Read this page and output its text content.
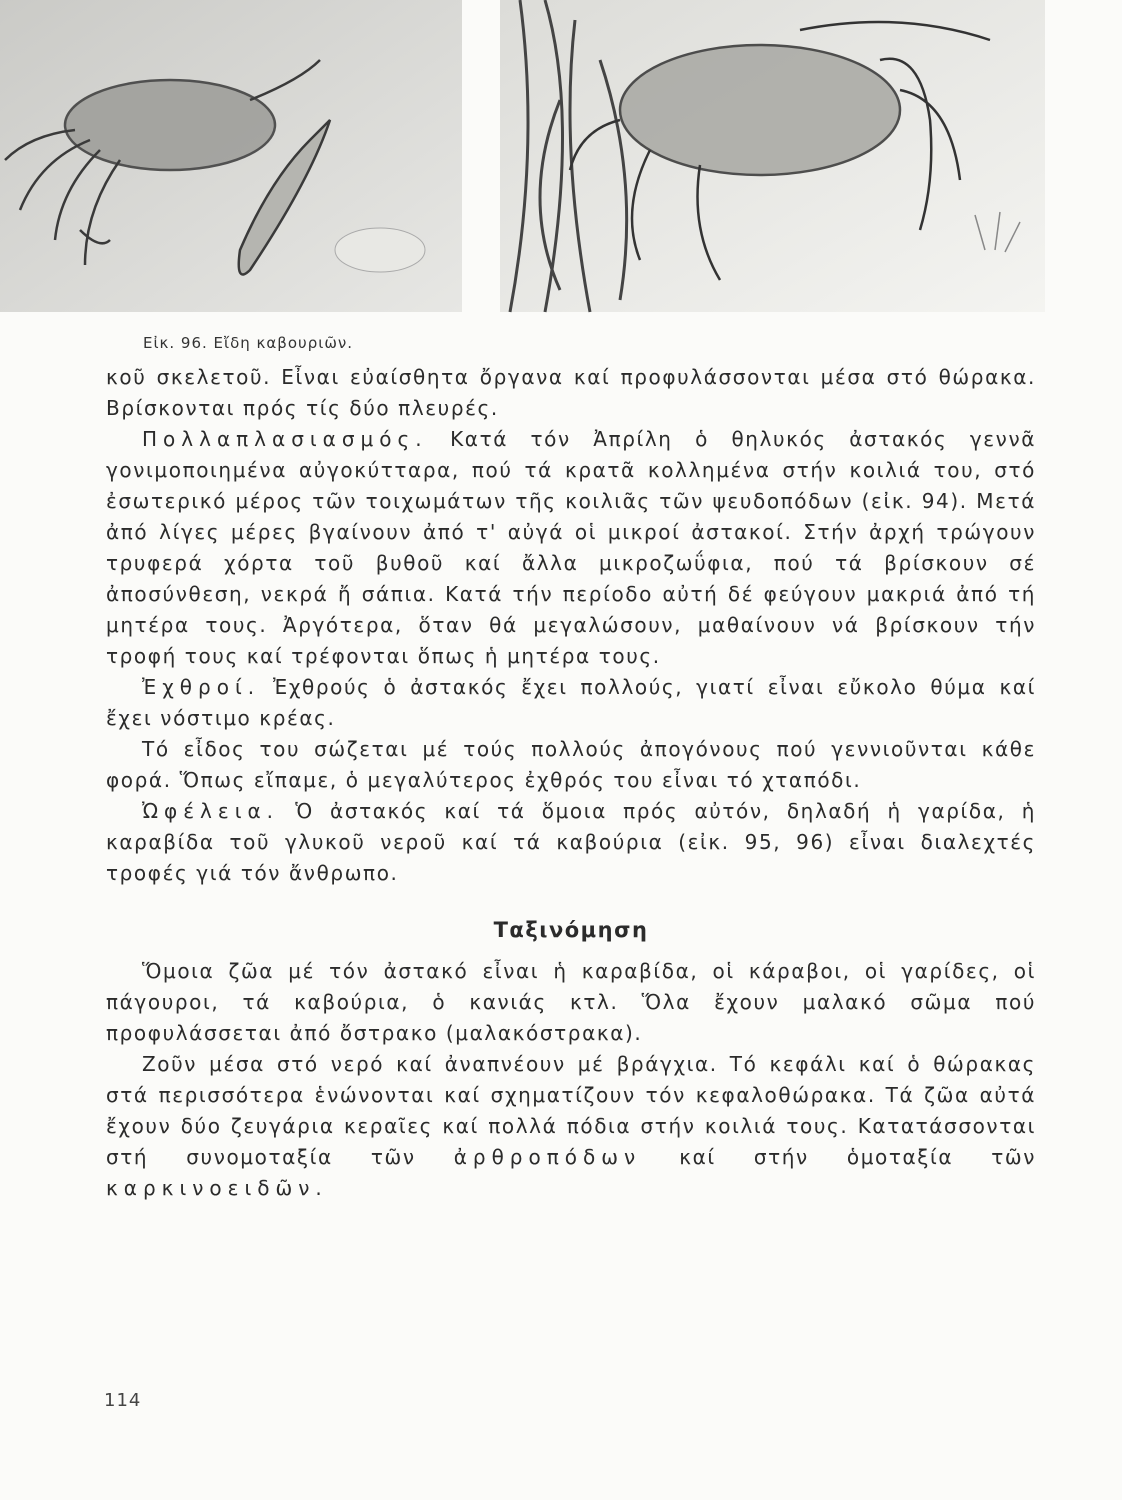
Εἰκ. 96. Εἴδη καβουριῶν.

κοῦ σκελετοῦ. Εἶναι εὐαίσθητα ὄργανα καί προφυλάσσονται μέσα στό θώρακα. Βρίσκονται πρός τίς δύο πλευρές.

Πολλαπλασιασμός. Κατά τόν Ἀπρίλη ὁ θηλυκός ἀστακός γεννᾶ γονιμοποιημένα αὐγοκύτταρα, πού τά κρατᾶ κολλημένα στήν κοιλιά του, στό ἐσωτερικό μέρος τῶν τοιχωμάτων τῆς κοιλιᾶς τῶν ψευδοπόδων (εἰκ. 94). Μετά ἀπό λίγες μέρες βγαίνουν ἀπό τ' αὐγά οἱ μικροί ἀστακοί. Στήν ἀρχή τρώγουν τρυφερά χόρτα τοῦ βυθοῦ καί ἄλλα μικροζωΰφια, πού τά βρίσκουν σέ ἀποσύνθεση, νεκρά ἤ σάπια. Κατά τήν περίοδο αὐτή δέ φεύγουν μακριά ἀπό τή μητέρα τους. Ἀργότερα, ὅταν θά μεγαλώσουν, μαθαίνουν νά βρίσκουν τήν τροφή τους καί τρέφονται ὅπως ἡ μητέρα τους.

Ἐχθροί. Ἐχθρούς ὁ ἀστακός ἔχει πολλούς, γιατί εἶναι εὔκολο θύμα καί ἔχει νόστιμο κρέας.

Τό εἶδος του σώζεται μέ τούς πολλούς ἀπογόνους πού γεννιοῦνται κάθε φορά. Ὅπως εἴπαμε, ὁ μεγαλύτερος ἐχθρός του εἶναι τό χταπόδι.

Ὠφέλεια. Ὁ ἀστακός καί τά ὅμοια πρός αὐτόν, δηλαδή ἡ γαρίδα, ἡ καραβίδα τοῦ γλυκοῦ νεροῦ καί τά καβούρια (εἰκ. 95, 96) εἶναι διαλεχτές τροφές γιά τόν ἄνθρωπο.

Ταξινόμηση

Ὅμοια ζῶα μέ τόν ἀστακό εἶναι ἡ καραβίδα, οἱ κάραβοι, οἱ γαρίδες, οἱ πάγουροι, τά καβούρια, ὁ κανιάς κτλ. Ὅλα ἔχουν μαλακό σῶμα πού προφυλάσσεται ἀπό ὄστρακο (μαλακόστρακα).

Ζοῦν μέσα στό νερό καί ἀναπνέουν μέ βράγχια. Τό κεφάλι καί ὁ θώρακας στά περισσότερα ἑνώνονται καί σχηματίζουν τόν κεφαλοθώρακα. Τά ζῶα αὐτά ἔχουν δύο ζευγάρια κεραῖες καί πολλά πόδια στήν κοιλιά τους. Κατατάσσονται στή συνομοταξία τῶν ἀρθροπόδων καί στήν ὁμοταξία τῶν καρκινοειδῶν.

114
